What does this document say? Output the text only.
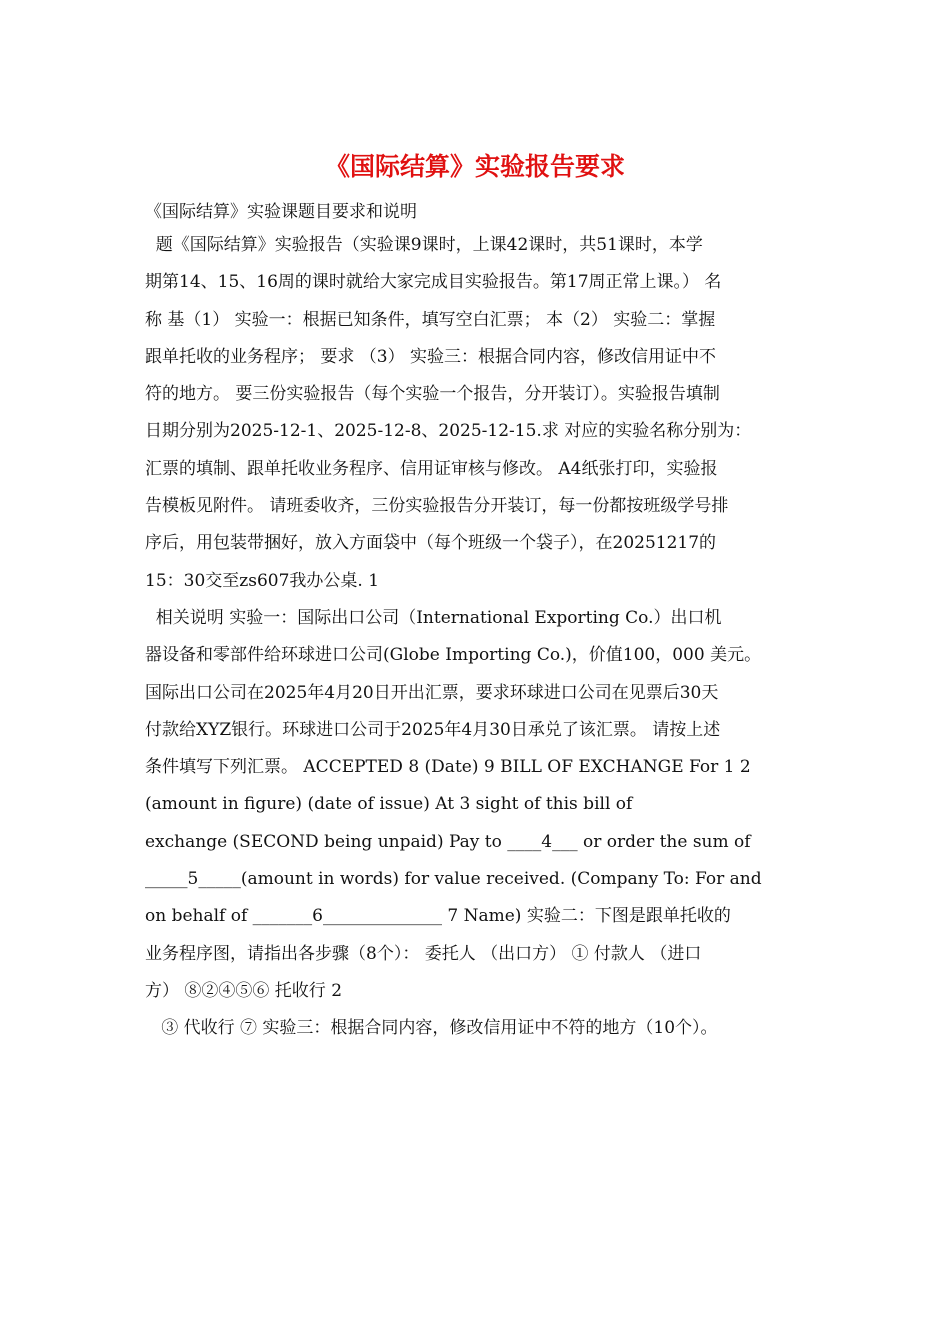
《国际结算》实验报告要求

《国际结算》实验课题目要求和说明

题《国际结算》实验报告（实验课9课时，上课42课时，共51课时，本学

期第14、15、16周的课时就给大家完成目实验报告。第17周正常上课。） 名

称 基（1） 实验一：根据已知条件，填写空白汇票； 本（2） 实验二：掌握

跟单托收的业务程序； 要求 （3） 实验三：根据合同内容，修改信用证中不

符的地方。 要三份实验报告（每个实验一个报告，分开装订）。实验报告填制

日期分别为2025-12-1、2025-12-8、2025-12-15.求 对应的实验名称分别为：

汇票的填制、跟单托收业务程序、信用证审核与修改。 A4纸张打印，实验报

告模板见附件。 请班委收齐，三份实验报告分开装订，每一份都按班级学号排

序后，用包装带捆好，放入方面袋中（每个班级一个袋子），在20251217的

15：30交至zs607我办公桌. 1

相关说明 实验一：国际出口公司（International Exporting Co.）出口机

器设备和零部件给环球进口公司(Globe Importing Co.)，价值100，000 美元。

国际出口公司在2025年4月20日开出汇票，要求环球进口公司在见票后30天

付款给XYZ银行。环球进口公司于2025年4月30日承兑了该汇票。 请按上述

条件填写下列汇票。 ACCEPTED 8 (Date) 9 BILL OF EXCHANGE For 1 2

(amount in figure) (date of issue) At 3 sight of this bill of

exchange (SECOND being unpaid) Pay to ____4___ or order the sum of

_____5_____(amount in words) for value received. (Company To: For and

on behalf of _______6______________ 7 Name) 实验二：下图是跟单托收的

业务程序图，请指出各步骤（8个）： 委托人 （出口方） ① 付款人 （进口

方） ⑧②④⑤⑥ 托收行 2

③ 代收行 ⑦ 实验三：根据合同内容，修改信用证中不符的地方（10个）。
